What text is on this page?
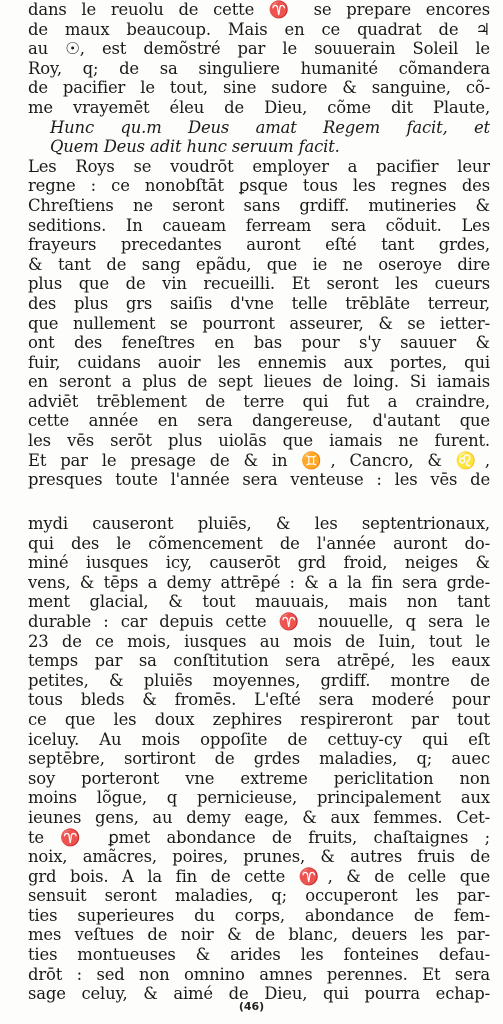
dans le reuolu de cette ♈ se prepare encores
de maux beaucoup. Mais en ce quadrat de ♃
au ☉, est demõstré par le souuerain Soleil le
Roy, q; de sa singuliere humanité cõmandera
de pacifier le tout, sine sudore & sanguine, cõ-
me vrayemēt éleu de Dieu, cõme dit Plaute,
Hunc qu.m Deus amat Regem facit, et
Quem Deus adit hunc seruum facit.
Les Roys se voudrōt employer a pacifier leur
regne : ce nonobſtāt ꝑsque tous les regnes des
Chreſtiens ne seront sans grdiff. mutineries &
seditions. In caueam ferream sera cõduit. Les
frayeurs precedantes auront eſté tant grdes,
& tant de sang epãdu, que ie ne oseroye dire
plus que de vin recueilli. Et seront les cueurs
des plus grs saiſis d'vne telle trēblāte terreur,
que nullement se pourront asseurer, & se ietter-
ont des feneſtres en bas pour s'y sauuer &
fuir, cuidans auoir les ennemis aux portes, qui
en seront a plus de sept lieues de loing. Si iamais
adviēt trēblement de terre qui fut a craindre,
cette année en sera dangereuse, d'autant que
les vēs serōt plus uiolās que iamais ne furent.
Et par le presage de & in ♊, Cancro, & ♌,
presques toute l'année sera venteuse : les vēs de
mydi causeront pluiēs, & les septentrionaux,
qui des le cõmencement de l'année auront do-
miné iusques icy, causerōt grd froid, neiges &
vens, & tēps a demy attrēpé : & a la fin sera grde-
ment glacial, & tout mauuais, mais non tant
durable : car depuis cette ♈ nouuelle, q sera le
23 de ce mois, iusques au mois de Iuin, tout le
temps par sa conſtitution sera atrēpé, les eaux
petites, & pluiēs moyennes, grdiff. montre de
tous bleds & fromēs. L'eſté sera moderé pour
ce que les doux zephires respireront par tout
iceluy. Au mois oppoſite de cettuy-cy qui eſt
septēbre, sortiront de grdes maladies, q; auec
soy porteront vne extreme periclitation non
moins lõgue, q pernicieuse, principalement aux
ieunes gens, au demy eage, & aux femmes. Cet-
te ♈ ꝑmet abondance de fruits, chaſtaignes ;
noix, amãcres, poires, prunes, & autres fruis de
grd bois. A la fin de cette ♈, & de celle que
sensuit seront maladies, q; occuperont les par-
ties superieures du corps, abondance de fem-
mes veſtues de noir & de blanc, deuers les par-
ties montueuses & arides les fonteines defau-
drōt : sed non omnino amnes perennes. Et sera
sage celuy, & aimé de Dieu, qui pourra echap-
(46)
